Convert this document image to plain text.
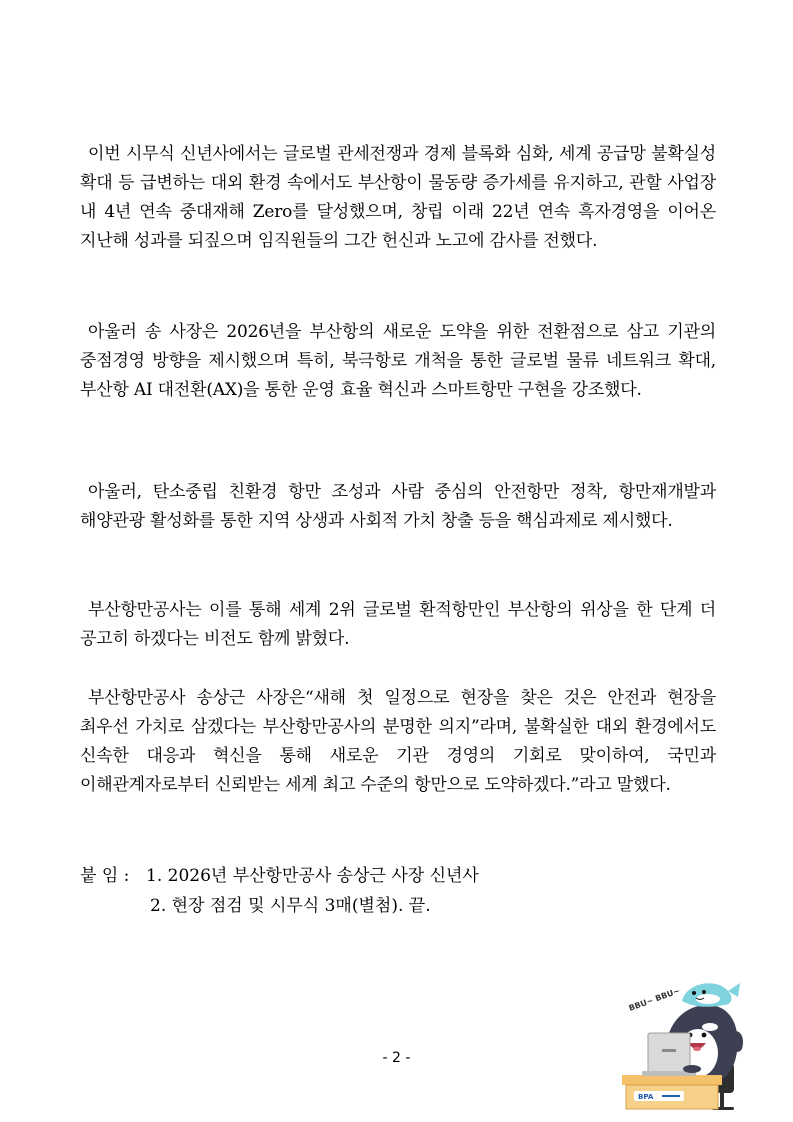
이번 시무식 신년사에서는 글로벌 관세전쟁과 경제 블록화 심화, 세계 공급망 불확실성 확대 등 급변하는 대외 환경 속에서도 부산항이 물동량 증가세를 유지하고, 관할 사업장 내 4년 연속 중대재해 Zero를 달성했으며, 창립 이래 22년 연속 흑자경영을 이어온 지난해 성과를 되짚으며 임직원들의 그간 헌신과 노고에 감사를 전했다.

아울러 송 사장은 2026년을 부산항의 새로운 도약을 위한 전환점으로 삼고 기관의 중점경영 방향을 제시했으며 특히, 북극항로 개척을 통한 글로벌 물류 네트워크 확대, 부산항 AI 대전환(AX)을 통한 운영 효율 혁신과 스마트항만 구현을 강조했다.

아울러, 탄소중립 친환경 항만 조성과 사람 중심의 안전항만 정착, 항만재개발과 해양관광 활성화를 통한 지역 상생과 사회적 가치 창출 등을 핵심과제로 제시했다.

부산항만공사는 이를 통해 세계 2위 글로벌 환적항만인 부산항의 위상을 한 단계 더 공고히 하겠다는 비전도 함께 밝혔다.

부산항만공사 송상근 사장은“새해 첫 일정으로 현장을 찾은 것은 안전과 현장을 최우선 가치로 삼겠다는 부산항만공사의 분명한 의지”라며, 불확실한 대외 환경에서도 신속한 대응과 혁신을 통해 새로운 기관 경영의 기회로 맞이하여, 국민과 이해관계자로부터 신뢰받는 세계 최고 수준의 항만으로 도약하겠다.”라고 말했다.

붙 임 : 1. 2026년 부산항만공사 송상근 사장 신년사
2. 현장 점검 및 시무식 3매(별첨). 끝.
- 2 -
BBU~ BBU~
BPA
